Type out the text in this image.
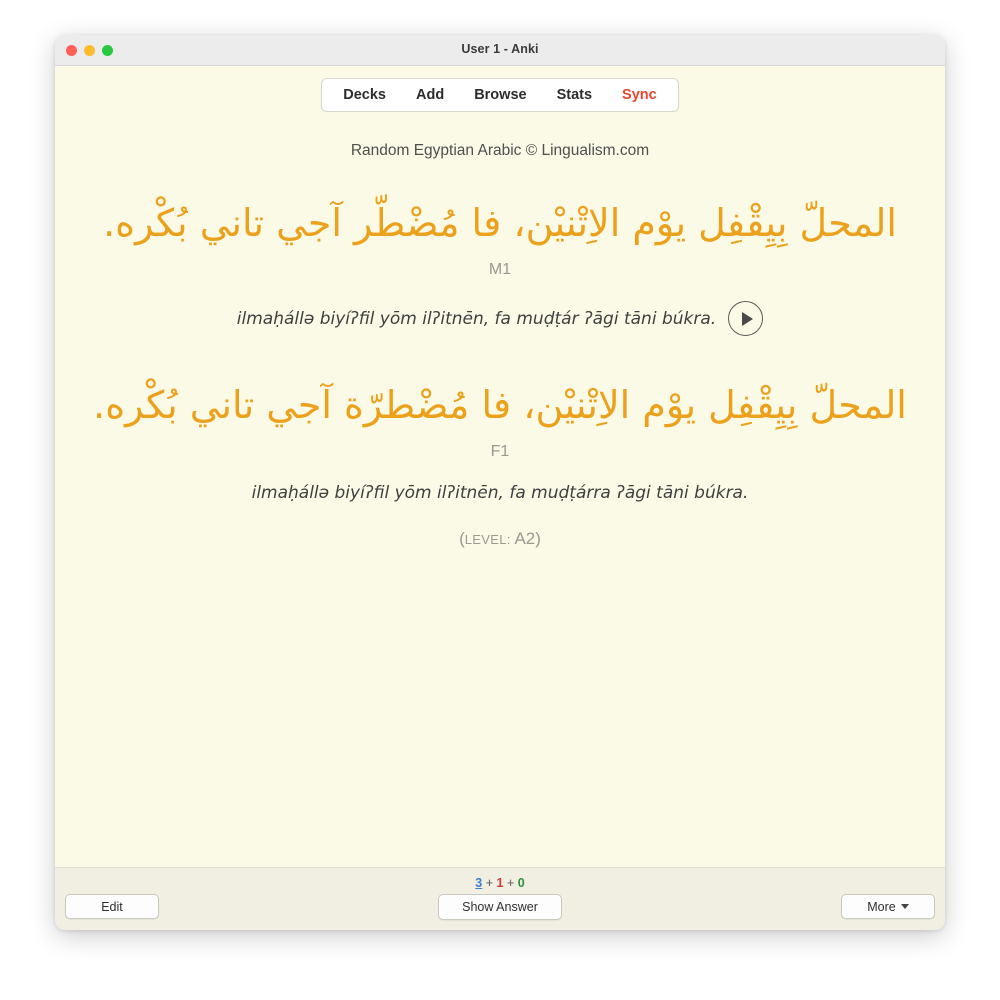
User 1 - Anki
Decks	Add	Browse	Stats	Sync
Random Egyptian Arabic © Lingualism.com
المحلّ بِيِقْفِل يوْم الاِتْنيْن، فا مُضْطّر آجي تاني بُكْره.
M1
ilmaḥállə biyíʔfil yōm ilʔitnēn, fa muḍṭár ʔāgi tāni búkra.
المحلّ بِيِقْفِل يوْم الاِتْنيْن، فا مُضْطرّة آجي تاني بُكْره.
F1
ilmaḥállə biyíʔfil yōm ilʔitnēn, fa muḍṭárra ʔāgi tāni búkra.
(LEVEL: A2)
3 + 1 + 0
Edit	Show Answer	More
